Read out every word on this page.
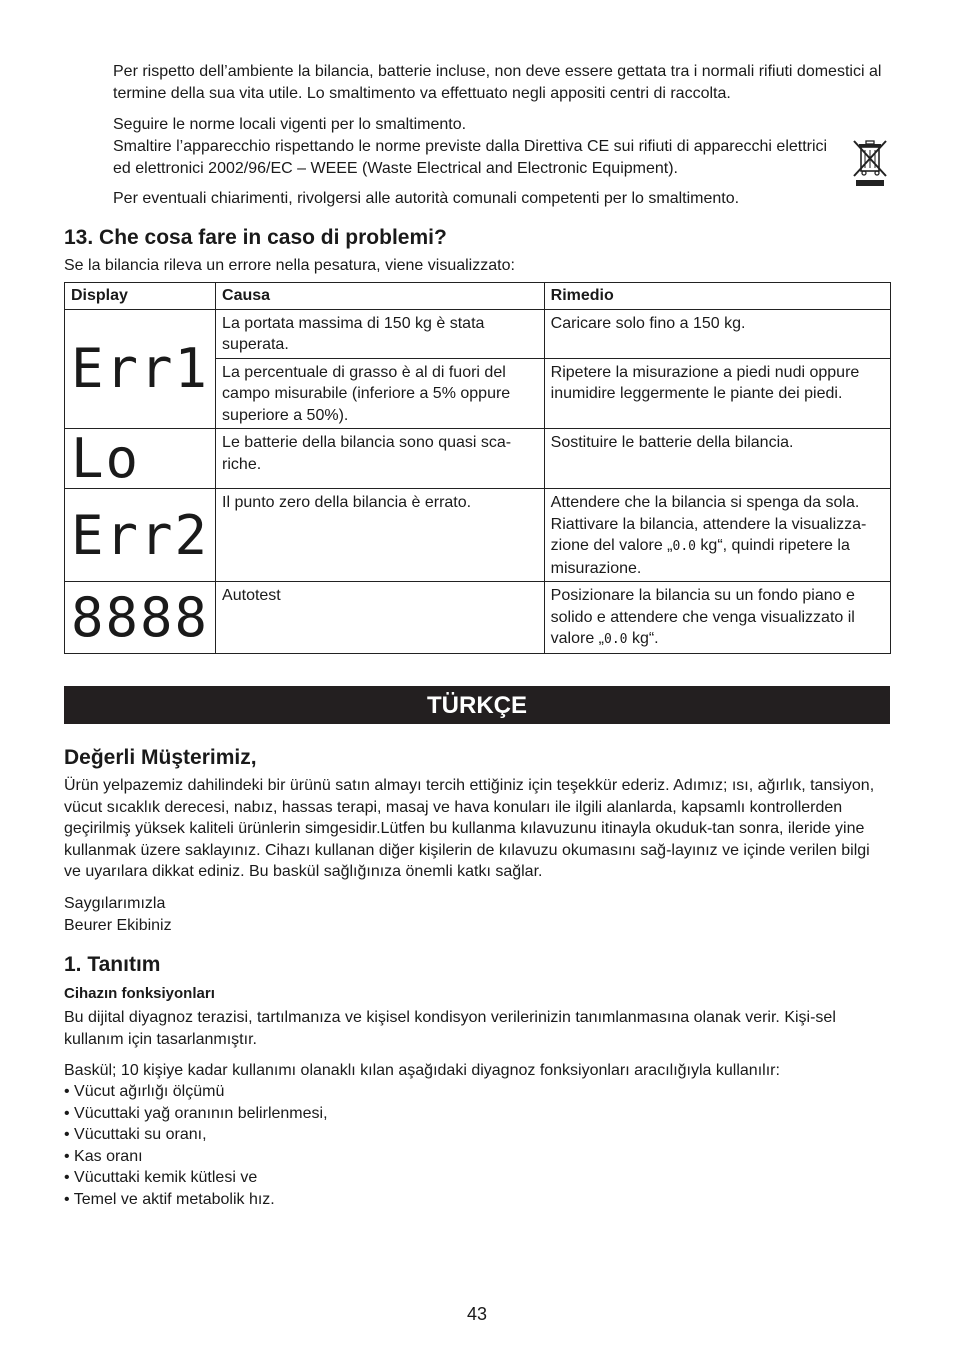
Per rispetto dell’ambiente la bilancia, batterie incluse, non deve essere gettata tra i normali rifiuti domestici al termine della sua vita utile. Lo smaltimento va effettuato negli appositi centri di raccolta.

Seguire le norme locali vigenti per lo smaltimento.

Smaltire l’apparecchio rispettando le norme previste dalla Direttiva CE sui rifiuti di apparecchi elettrici ed elettronici 2002/96/EC – WEEE (Waste Electrical and Electronic Equipment).

Per eventuali chiarimenti, rivolgersi alle autorità comunali competenti per lo smaltimento.

13. Che cosa fare in caso di problemi?

Se la bilancia rileva un errore nella pesatura, viene visualizzato:

Display	Causa	Rimedio
Err1	La portata massima di 150 kg è stata superata.	Caricare solo fino a 150 kg.
	La percentuale di grasso è al di fuori del campo misurabile (inferiore a 5% oppure superiore a 50%).	Ripetere la misurazione a piedi nudi oppure inumidire leggermente le piante dei piedi.
Lo	Le batterie della bilancia sono quasi sca-riche.	Sostituire le batterie della bilancia.
Err2	Il punto zero della bilancia è errato.	Attendere che la bilancia si spenga da sola. Riattivare la bilancia, attendere la visualizza-zione del valore „0.0 kg“, quindi ripetere la misurazione.
8888	Autotest	Posizionare la bilancia su un fondo piano e solido e attendere che venga visualizzato il valore „0.0 kg“.
TÜRKÇE
Değerli Müşterimiz,

Ürün yelpazemiz dahilindeki bir ürünü satın almayı tercih ettiğiniz için teşekkür ederiz. Adımız; ısı, ağırlık, tansiyon, vücut sıcaklık derecesi, nabız, hassas terapi, masaj ve hava konuları ile ilgili alanlarda, kapsamlı kontrollerden geçirilmiş yüksek kaliteli ürünlerin simgesidir.Lütfen bu kullanma kılavuzunu itinayla okuduk-tan sonra, ileride yine kullanmak üzere saklayınız. Cihazı kullanan diğer kişilerin de kılavuzu okumasını sağ-layınız ve içinde verilen bilgi ve uyarılara dikkat ediniz. Bu baskül sağlığınıza önemli katkı sağlar.

Saygılarımızla

Beurer Ekibiniz

1. Tanıtım

Cihazın fonksiyonları

Bu dijital diyagnoz terazisi, tartılmanıza ve kişisel kondisyon verilerinizin tanımlanmasına olanak verir. Kişi-sel kullanım için tasarlanmıştır.

Baskül; 10 kişiye kadar kullanımı olanaklı kılan aşağıdaki diyagnoz fonksiyonları aracılığıyla kullanılır:

• Vücut ağırlığı ölçümü
• Vücuttaki yağ oranının belirlenmesi,
• Vücuttaki su oranı,
• Kas oranı
• Vücuttaki kemik kütlesi ve
• Temel ve aktif metabolik hız.
43
